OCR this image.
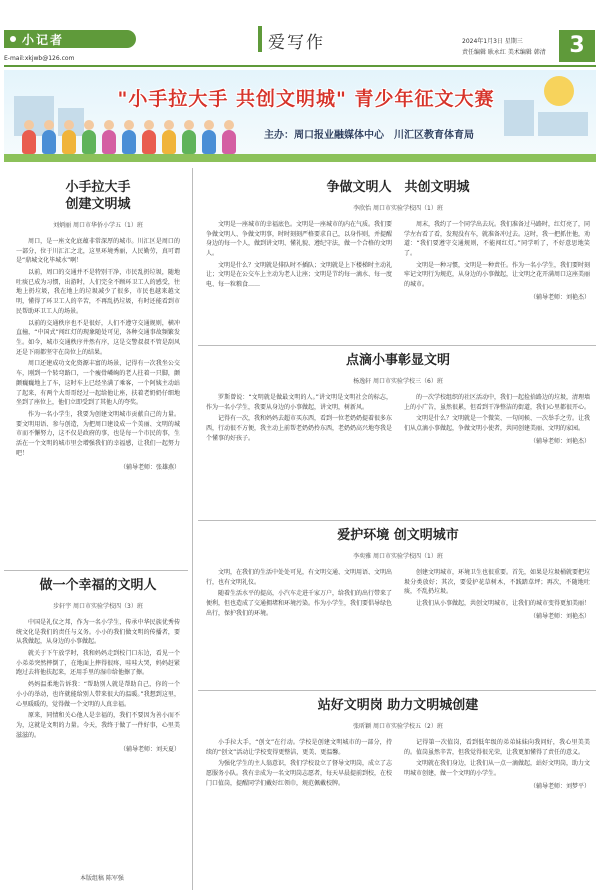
小记者
E-mail:xkjwb@126.com
爱写作	2024年1月3日 星期三
责任编辑 耿永红 美术编辑 韩清	3
"小手拉大手 共创文明城" 青少年征文大赛
主办：周口报业融媒体中心　川汇区教育体育局
小手拉大手
创建文明城
刘炳丽 周口市华侨小学五（1）班

周口，是一座文化底蕴非常深厚的城市。川汇区是周口的一部分，位于川汇汇之北，这里环境秀丽，人民勤劳，真可谓是“鼎城文化毕城水”啊！

以前，周口的交通并不是特别干净，市民乱扔垃圾，随地吐痰已成为习惯，出游时，人们完全不顾环卫工人的感受，往地上扔垃圾，我在地上的垃圾减少了很多，市民也越来越文明，懂得了环卫工人的辛苦，不再乱扔垃圾，有时还能看到市民帮助环卫工人的场景。

以前的交通秩序也不是很好，人们不遵守交通规则，横冲直撞，“中国式”闯红灯的现象随处可见，各种交通事故频繁发生。如今，城市交通秩序井然有序，这是交警叔叔不管是刮风还是下雨都坚守在岗位上的结果。

周口还建成功文化资源丰富的场景，记得有一次我坐公交车，刚到一个转弯路口，一个瘦骨嶙峋的老人拄着一只脚，颤颤巍巍地上了车，这时车上已经坐满了乘客，一个阿姨主动站了起来，有两个大哥哥经过一起给他让座，扶着老奶奶仔细地坐到了座位上，他们立即受到了其他人的夸奖。

作为一名小学生，我要为创建文明城市贡献自己的力量。要文明用语、参与创造，为把周口建设成一个美丽、文明的城市而不懈努力，这不仅是政府的事，也是每一个市民的事，生活在一个文明的城市里会增强我们的幸福感，让我们一起努力吧！

（辅导老师：张雄燕）
做一个幸福的文明人
步轩宇 周口市实验学校四（3）班

中国是礼仪之邦，作为一名小学生，传承中华民族优秀传统文化是我们的责任与义务。小小的我们做文明的传播者，要从我做起，从身边的小事做起。

就关于下午放学时，我和妈妈走到校门口东边，看见一个小弟弟突然摔倒了，在地面上摔得很疼，哇哇大哭，妈妈赶紧跑过去将他扶起来，还用手里的湿巾给他擦了擦。

妈妈温柔地告诉我：“帮助别人就是帮助自己，你的一个小小的举动，也许就能给别人带来很大的温暖。”我想到这里，心里暖暖的，觉得做一个文明的人真幸福。

原来，同情和关心他人是幸福的，我们不要因为善小而不为，这就是文明的力量。今天，我终于做了一件好事，心里美滋滋的。

（辅导老师：刘天夏）
争做文明人　共创文明城
李欣怡 周口市实验学校四（1）班

文明是一座城市的幸福底色。文明是一座城市的内在气质。我们要争做文明人、争做文明事，时时刻刻严格要求自己，以身作则，并提醒身边的每一个人，做到讲文明、懂礼貌、遵纪守法，做一个合格的文明人。

文明是什么？文明就是排队时不插队；文明就是上下楼梯时主动礼让；文明是在公交车上主动为老人让座；文明是节约每一滴水、每一度电、每一粒粮食……

周末，我约了一个同学出去玩。我们准备过马路时，红灯亮了，同学左右看了看，发现没有车，就准备冲过去。这时，我一把抓住他，劝道：“我们要遵守交通规则，不能闯红灯。”同学听了，不好意思地笑了。

文明是一种习惯，文明是一种责任。作为一名小学生，我们要时刻牢记文明行为规范，从身边的小事做起，让文明之花开满周口这座美丽的城市。

（辅导老师：刘艳杰）
点滴小事彰显文明
杨逸轩 周口市实验学校三（6）班

罗斯曾说：“文明就是做最文明的人。”讲文明是文明社会的标志，作为一名小学生，我要从身边的小事做起，讲文明，树新风。

记得有一次，我和妈妈去超市买东西，看到一位老奶奶提着很多东西，行动很不方便，我主动上前帮老奶奶拎东西，老奶奶高兴地夸我是个懂事的好孩子。

的一次学校组织的社区活动中，我们一起捡拾路边的垃圾，清理墙上的小广告，虽然很累，但看到干净整洁的街道，我们心里都很开心。

文明是什么？文明就是一个微笑、一句问候、一次举手之劳。让我们从点滴小事做起，争做文明小使者，共同创建美丽、文明的家园。

（辅导老师：刘艳杰）
爱护环境 创文明城市
李奕雅 周口市实验学校四（1）班

文明，在我们的生活中处处可见，有文明交通、文明用语、文明出行，也有文明礼仪。

随着生活水平的提高，小汽车走进千家万户，给我们的出行带来了便利，但也造成了交通拥堵和环境污染。作为小学生，我们要倡导绿色出行，保护我们的环境。

创建文明城市，环境卫生也很重要。首先，如果是垃圾桶就要把垃圾分类放好；其次，要爱护花草树木，不践踏草坪；再次，不随地吐痰，不乱扔垃圾。

让我们从小事做起，共创文明城市，让我们的城市变得更加美丽！

（辅导老师：刘艳杰）
站好文明岗 助力文明城创建
张昕颖 周口市实验学校五（2）班

小手拉大手，“创文”在行动。学校是创建文明城市的一部分，持续的“创文”活动让学校变得更整洁，更美、更温馨。

为强化学生的主人翁意识，我们学校设立了督导文明岗，成立了志愿服务小队。我有幸成为一名文明岗志愿者，每天早晨提前到校，在校门口值岗，提醒同学们戴好红领巾，规范佩戴校牌。

记得第一次值岗，看到低年级的弟弟妹妹向我问好，我心里美美的。值岗虽然辛苦，但我觉得很光荣，让我更加懂得了责任的意义。

文明就在我们身边，让我们从一点一滴做起，站好文明岗，助力文明城市创建，做一个文明的小学生。

（辅导老师：刘梦平）
本版组稿 陈军强
